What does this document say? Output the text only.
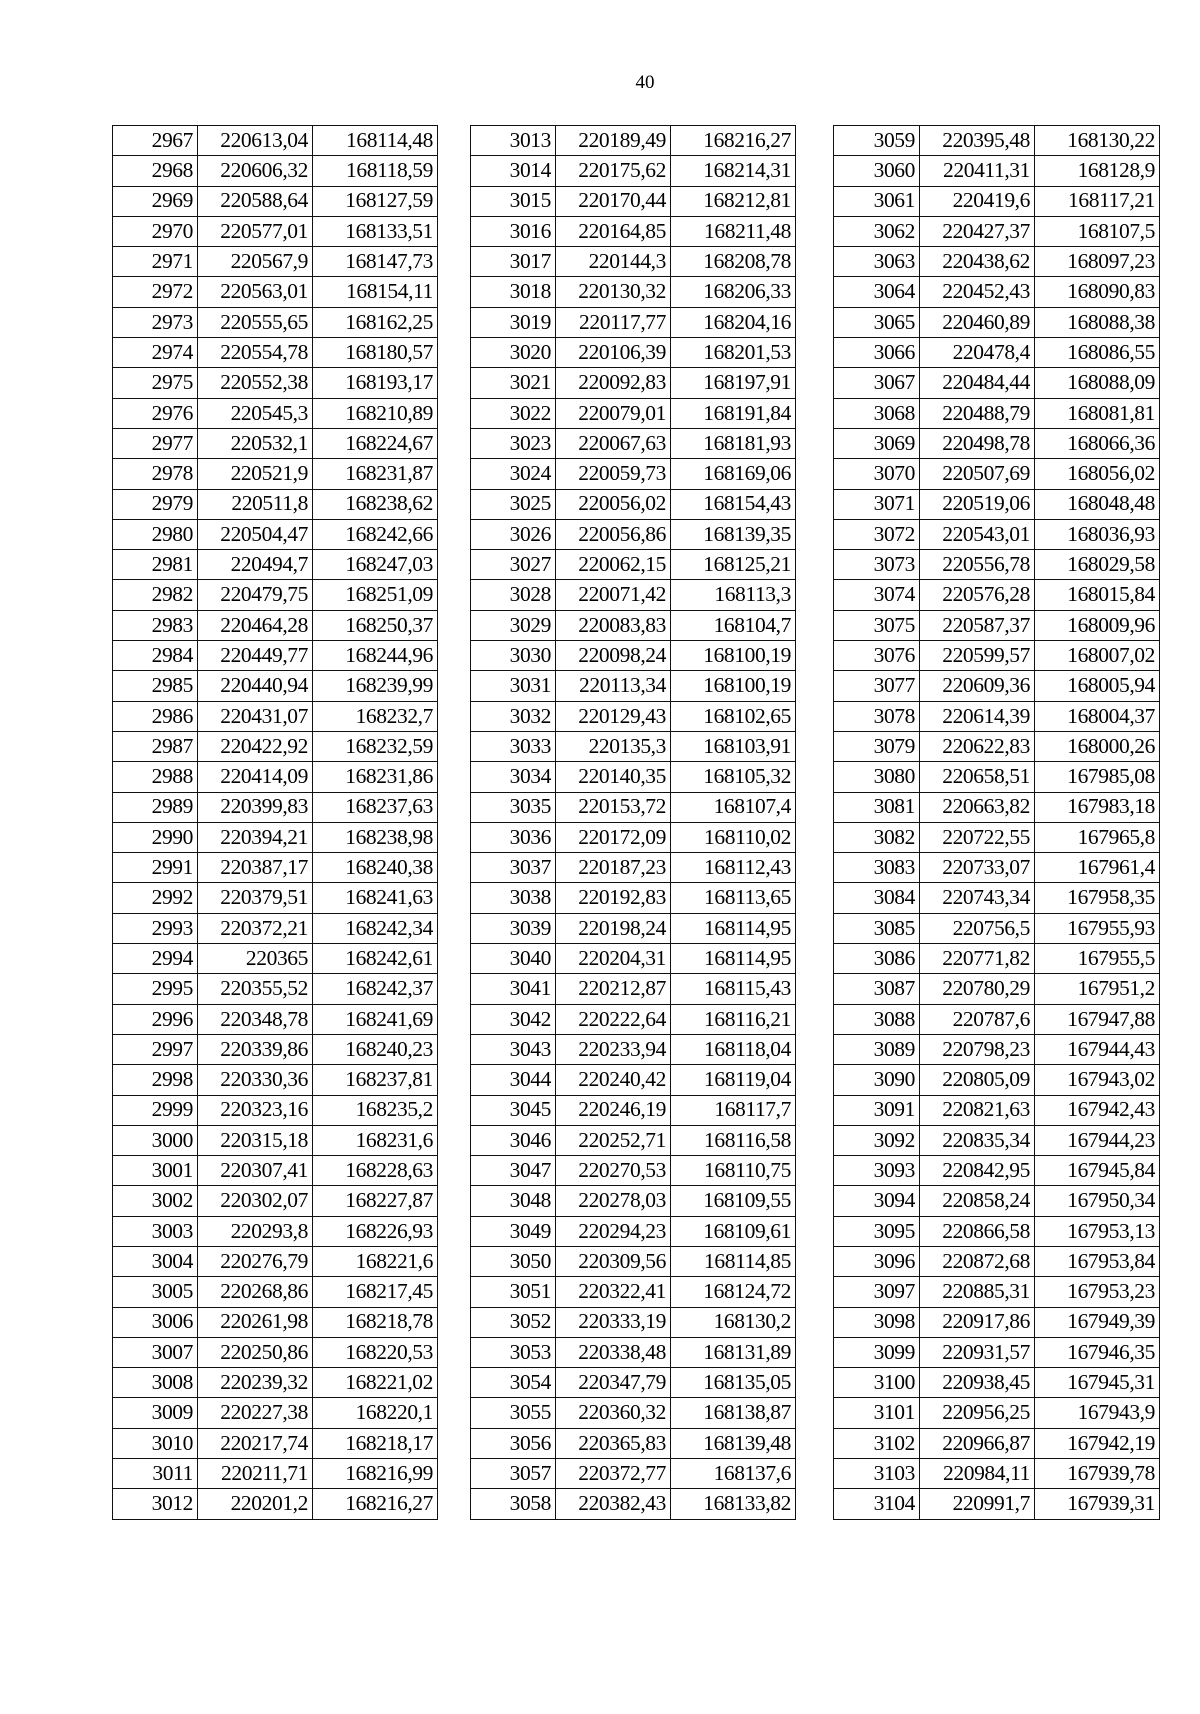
40
2967	220613,04	168114,48
2968	220606,32	168118,59
2969	220588,64	168127,59
2970	220577,01	168133,51
2971	220567,9	168147,73
2972	220563,01	168154,11
2973	220555,65	168162,25
2974	220554,78	168180,57
2975	220552,38	168193,17
2976	220545,3	168210,89
2977	220532,1	168224,67
2978	220521,9	168231,87
2979	220511,8	168238,62
2980	220504,47	168242,66
2981	220494,7	168247,03
2982	220479,75	168251,09
2983	220464,28	168250,37
2984	220449,77	168244,96
2985	220440,94	168239,99
2986	220431,07	168232,7
2987	220422,92	168232,59
2988	220414,09	168231,86
2989	220399,83	168237,63
2990	220394,21	168238,98
2991	220387,17	168240,38
2992	220379,51	168241,63
2993	220372,21	168242,34
2994	220365	168242,61
2995	220355,52	168242,37
2996	220348,78	168241,69
2997	220339,86	168240,23
2998	220330,36	168237,81
2999	220323,16	168235,2
3000	220315,18	168231,6
3001	220307,41	168228,63
3002	220302,07	168227,87
3003	220293,8	168226,93
3004	220276,79	168221,6
3005	220268,86	168217,45
3006	220261,98	168218,78
3007	220250,86	168220,53
3008	220239,32	168221,02
3009	220227,38	168220,1
3010	220217,74	168218,17
3011	220211,71	168216,99
3012	220201,2	168216,27
3013	220189,49	168216,27
3014	220175,62	168214,31
3015	220170,44	168212,81
3016	220164,85	168211,48
3017	220144,3	168208,78
3018	220130,32	168206,33
3019	220117,77	168204,16
3020	220106,39	168201,53
3021	220092,83	168197,91
3022	220079,01	168191,84
3023	220067,63	168181,93
3024	220059,73	168169,06
3025	220056,02	168154,43
3026	220056,86	168139,35
3027	220062,15	168125,21
3028	220071,42	168113,3
3029	220083,83	168104,7
3030	220098,24	168100,19
3031	220113,34	168100,19
3032	220129,43	168102,65
3033	220135,3	168103,91
3034	220140,35	168105,32
3035	220153,72	168107,4
3036	220172,09	168110,02
3037	220187,23	168112,43
3038	220192,83	168113,65
3039	220198,24	168114,95
3040	220204,31	168114,95
3041	220212,87	168115,43
3042	220222,64	168116,21
3043	220233,94	168118,04
3044	220240,42	168119,04
3045	220246,19	168117,7
3046	220252,71	168116,58
3047	220270,53	168110,75
3048	220278,03	168109,55
3049	220294,23	168109,61
3050	220309,56	168114,85
3051	220322,41	168124,72
3052	220333,19	168130,2
3053	220338,48	168131,89
3054	220347,79	168135,05
3055	220360,32	168138,87
3056	220365,83	168139,48
3057	220372,77	168137,6
3058	220382,43	168133,82
3059	220395,48	168130,22
3060	220411,31	168128,9
3061	220419,6	168117,21
3062	220427,37	168107,5
3063	220438,62	168097,23
3064	220452,43	168090,83
3065	220460,89	168088,38
3066	220478,4	168086,55
3067	220484,44	168088,09
3068	220488,79	168081,81
3069	220498,78	168066,36
3070	220507,69	168056,02
3071	220519,06	168048,48
3072	220543,01	168036,93
3073	220556,78	168029,58
3074	220576,28	168015,84
3075	220587,37	168009,96
3076	220599,57	168007,02
3077	220609,36	168005,94
3078	220614,39	168004,37
3079	220622,83	168000,26
3080	220658,51	167985,08
3081	220663,82	167983,18
3082	220722,55	167965,8
3083	220733,07	167961,4
3084	220743,34	167958,35
3085	220756,5	167955,93
3086	220771,82	167955,5
3087	220780,29	167951,2
3088	220787,6	167947,88
3089	220798,23	167944,43
3090	220805,09	167943,02
3091	220821,63	167942,43
3092	220835,34	167944,23
3093	220842,95	167945,84
3094	220858,24	167950,34
3095	220866,58	167953,13
3096	220872,68	167953,84
3097	220885,31	167953,23
3098	220917,86	167949,39
3099	220931,57	167946,35
3100	220938,45	167945,31
3101	220956,25	167943,9
3102	220966,87	167942,19
3103	220984,11	167939,78
3104	220991,7	167939,31
